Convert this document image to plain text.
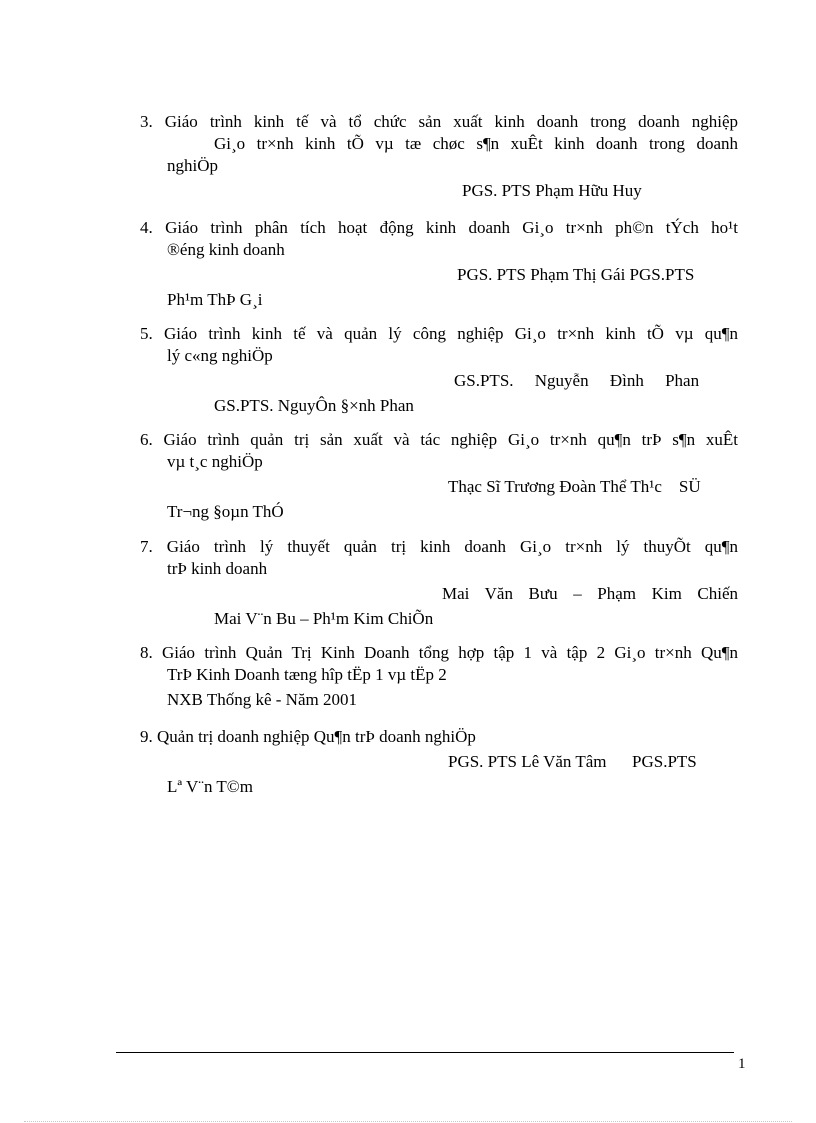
3. Giáo trình kinh tế và tổ chức sản xuất kinh doanh trong doanh nghiệp
Gi¸o tr×nh kinh tÕ vµ tæ chøc s¶n xuÊt kinh doanh trong doanh
nghiÖp
PGS. PTS Phạm Hữu Huy
4. Giáo trình phân tích hoạt động kinh doanh Gi¸o tr×nh ph©n tÝch ho¹t
®éng kinh doanh
PGS. PTS Phạm Thị Gái PGS.PTS
Ph¹m ThÞ G¸i
5. Giáo trình kinh tế và quản lý công nghiệp Gi¸o tr×nh kinh tÕ vµ qu¶n
lý c«ng nghiÖp
GS.PTS.     Nguyễn     Đình     Phan
GS.PTS. NguyÔn §×nh Phan
6. Giáo trình quản trị sản xuất và tác nghiệp Gi¸o tr×nh qu¶n trÞ s¶n xuÊt
vµ t¸c nghiÖp
Thạc Sĩ Trương Đoàn Thể Th¹c    SÜ
Tr¬ng §oµn ThÓ
7. Giáo trình lý thuyết quản trị kinh doanh Gi¸o tr×nh lý thuyÕt qu¶n
trÞ kinh doanh
Mai Văn Bưu – Phạm Kim Chiến
Mai V¨n Bu – Ph¹m Kim ChiÕn
8. Giáo trình Quản Trị Kinh Doanh tổng hợp tập 1 và tập 2 Gi¸o tr×nh Qu¶n
TrÞ Kinh Doanh tæng hîp tËp 1 vµ tËp 2
NXB Thống kê - Năm 2001
9. Quản trị doanh nghiệp Qu¶n trÞ doanh nghiÖp
PGS. PTS Lê Văn Tâm      PGS.PTS
Lª V¨n T©m
1
